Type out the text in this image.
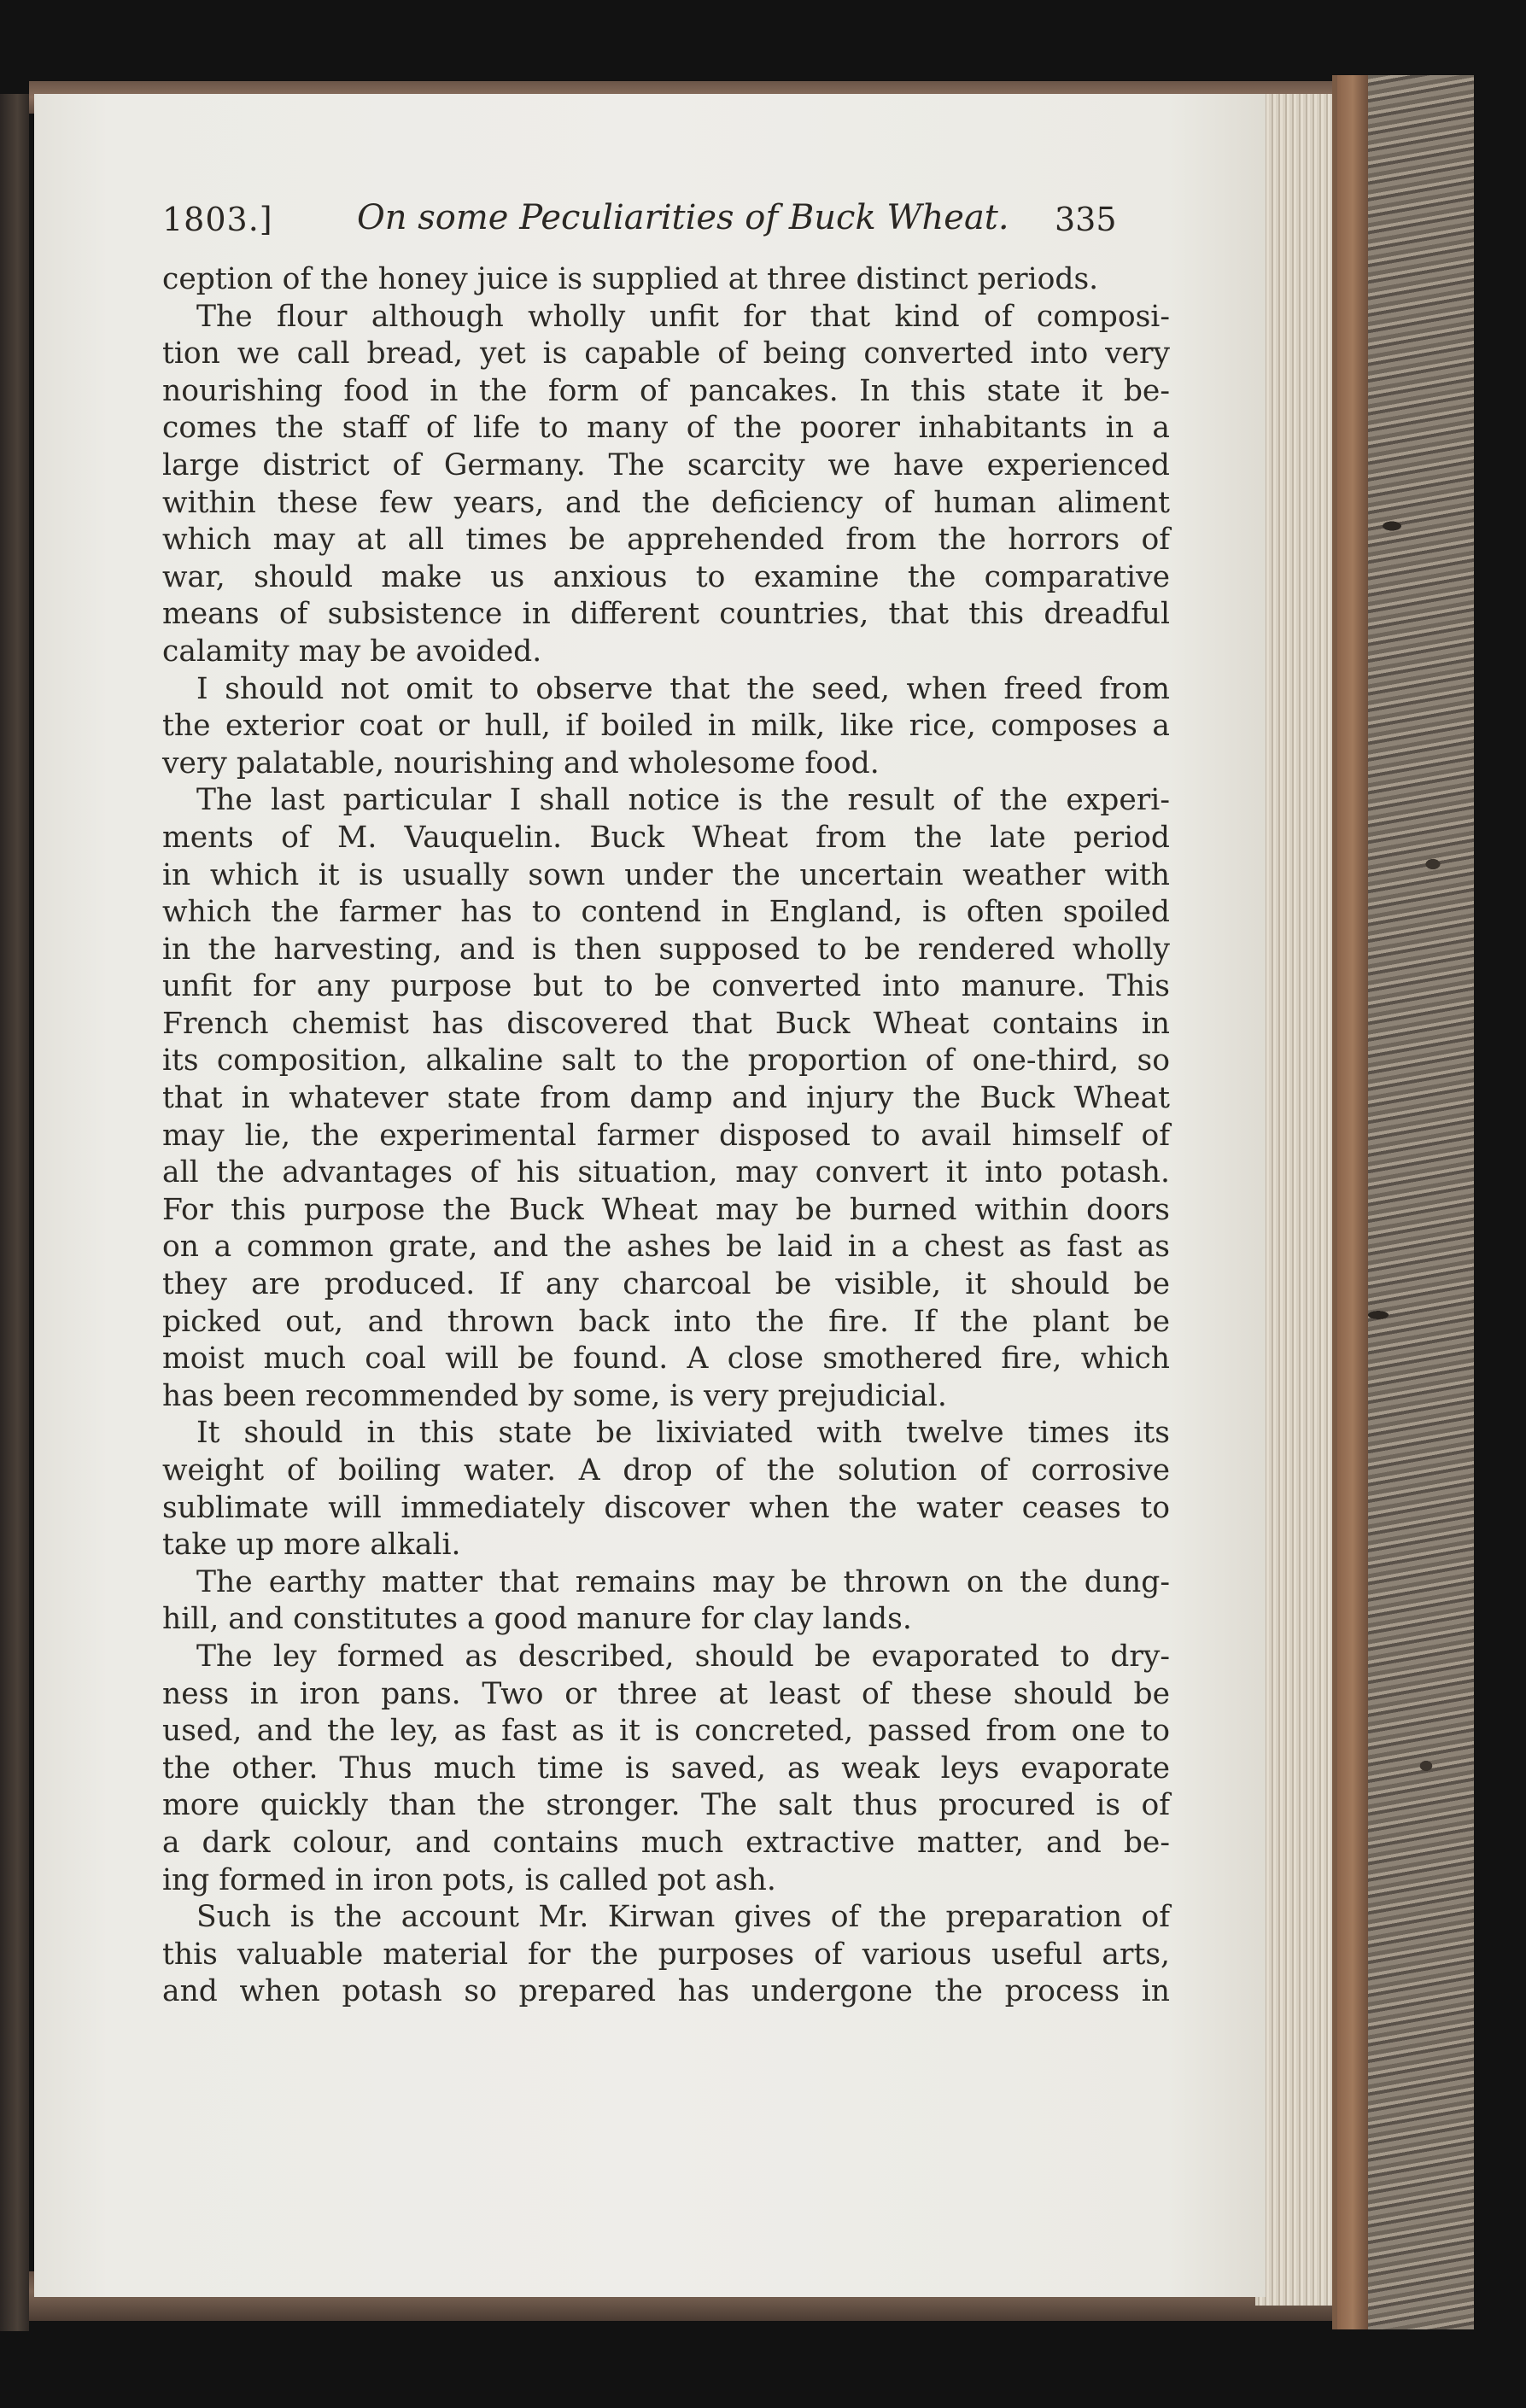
1803.] On some Peculiarities of Buck Wheat. 335
ception of the honey juice is supplied at three distinct periods.
The flour although wholly unfit for that kind of composi-
tion we call bread, yet is capable of being converted into very
nourishing food in the form of pancakes. In this state it be-
comes the staff of life to many of the poorer inhabitants in a
large district of Germany. The scarcity we have experienced
within these few years, and the deficiency of human aliment
which may at all times be apprehended from the horrors of
war, should make us anxious to examine the comparative
means of subsistence in different countries, that this dreadful
calamity may be avoided.
I should not omit to observe that the seed, when freed from
the exterior coat or hull, if boiled in milk, like rice, composes a
very palatable, nourishing and wholesome food.
The last particular I shall notice is the result of the experi-
ments of M. Vauquelin. Buck Wheat from the late period
in which it is usually sown under the uncertain weather with
which the farmer has to contend in England, is often spoiled
in the harvesting, and is then supposed to be rendered wholly
unfit for any purpose but to be converted into manure. This
French chemist has discovered that Buck Wheat contains in
its composition, alkaline salt to the proportion of one-third, so
that in whatever state from damp and injury the Buck Wheat
may lie, the experimental farmer disposed to avail himself of
all the advantages of his situation, may convert it into potash.
For this purpose the Buck Wheat may be burned within doors
on a common grate, and the ashes be laid in a chest as fast as
they are produced. If any charcoal be visible, it should be
picked out, and thrown back into the fire. If the plant be
moist much coal will be found. A close smothered fire, which
has been recommended by some, is very prejudicial.
It should in this state be lixiviated with twelve times its
weight of boiling water. A drop of the solution of corrosive
sublimate will immediately discover when the water ceases to
take up more alkali.
The earthy matter that remains may be thrown on the dung-
hill, and constitutes a good manure for clay lands.
The ley formed as described, should be evaporated to dry-
ness in iron pans. Two or three at least of these should be
used, and the ley, as fast as it is concreted, passed from one to
the other. Thus much time is saved, as weak leys evaporate
more quickly than the stronger. The salt thus procured is of
a dark colour, and contains much extractive matter, and be-
ing formed in iron pots, is called pot ash.
Such is the account Mr. Kirwan gives of the preparation of
this valuable material for the purposes of various useful arts,
and when potash so prepared has undergone the process in
